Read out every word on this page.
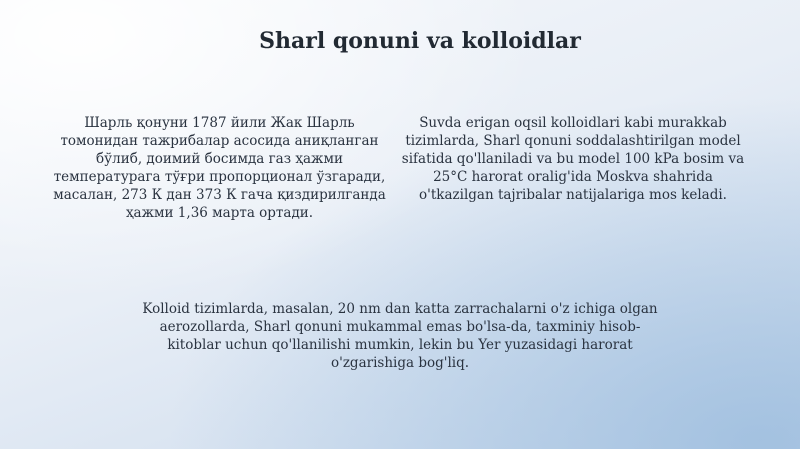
Sharl qonuni va kolloidlar
Шарль қонуни 1787 йили Жак Шарль томонидан тажрибалар асосида аниқланган бўлиб, доимий босимда газ ҳажми температурага тўғри пропорционал ўзгаради, масалан, 273 К дан 373 К гача қиздирилганда ҳажми 1,36 марта ортади.
Suvda erigan oqsil kolloidlari kabi murakkab tizimlarda, Sharl qonuni soddalashtirilgan model sifatida qo'llaniladi va bu model 100 kPa bosim va 25°C harorat oralig'ida Moskva shahrida o'tkazilgan tajribalar natijalariga mos keladi.
Kolloid tizimlarda, masalan, 20 nm dan katta zarrachalarni o'z ichiga olgan aerozollarda, Sharl qonuni mukammal emas bo'lsa-da, taxminiy hisob-kitoblar uchun qo'llanilishi mumkin, lekin bu Yer yuzasidagi harorat o'zgarishiga bog'liq.
